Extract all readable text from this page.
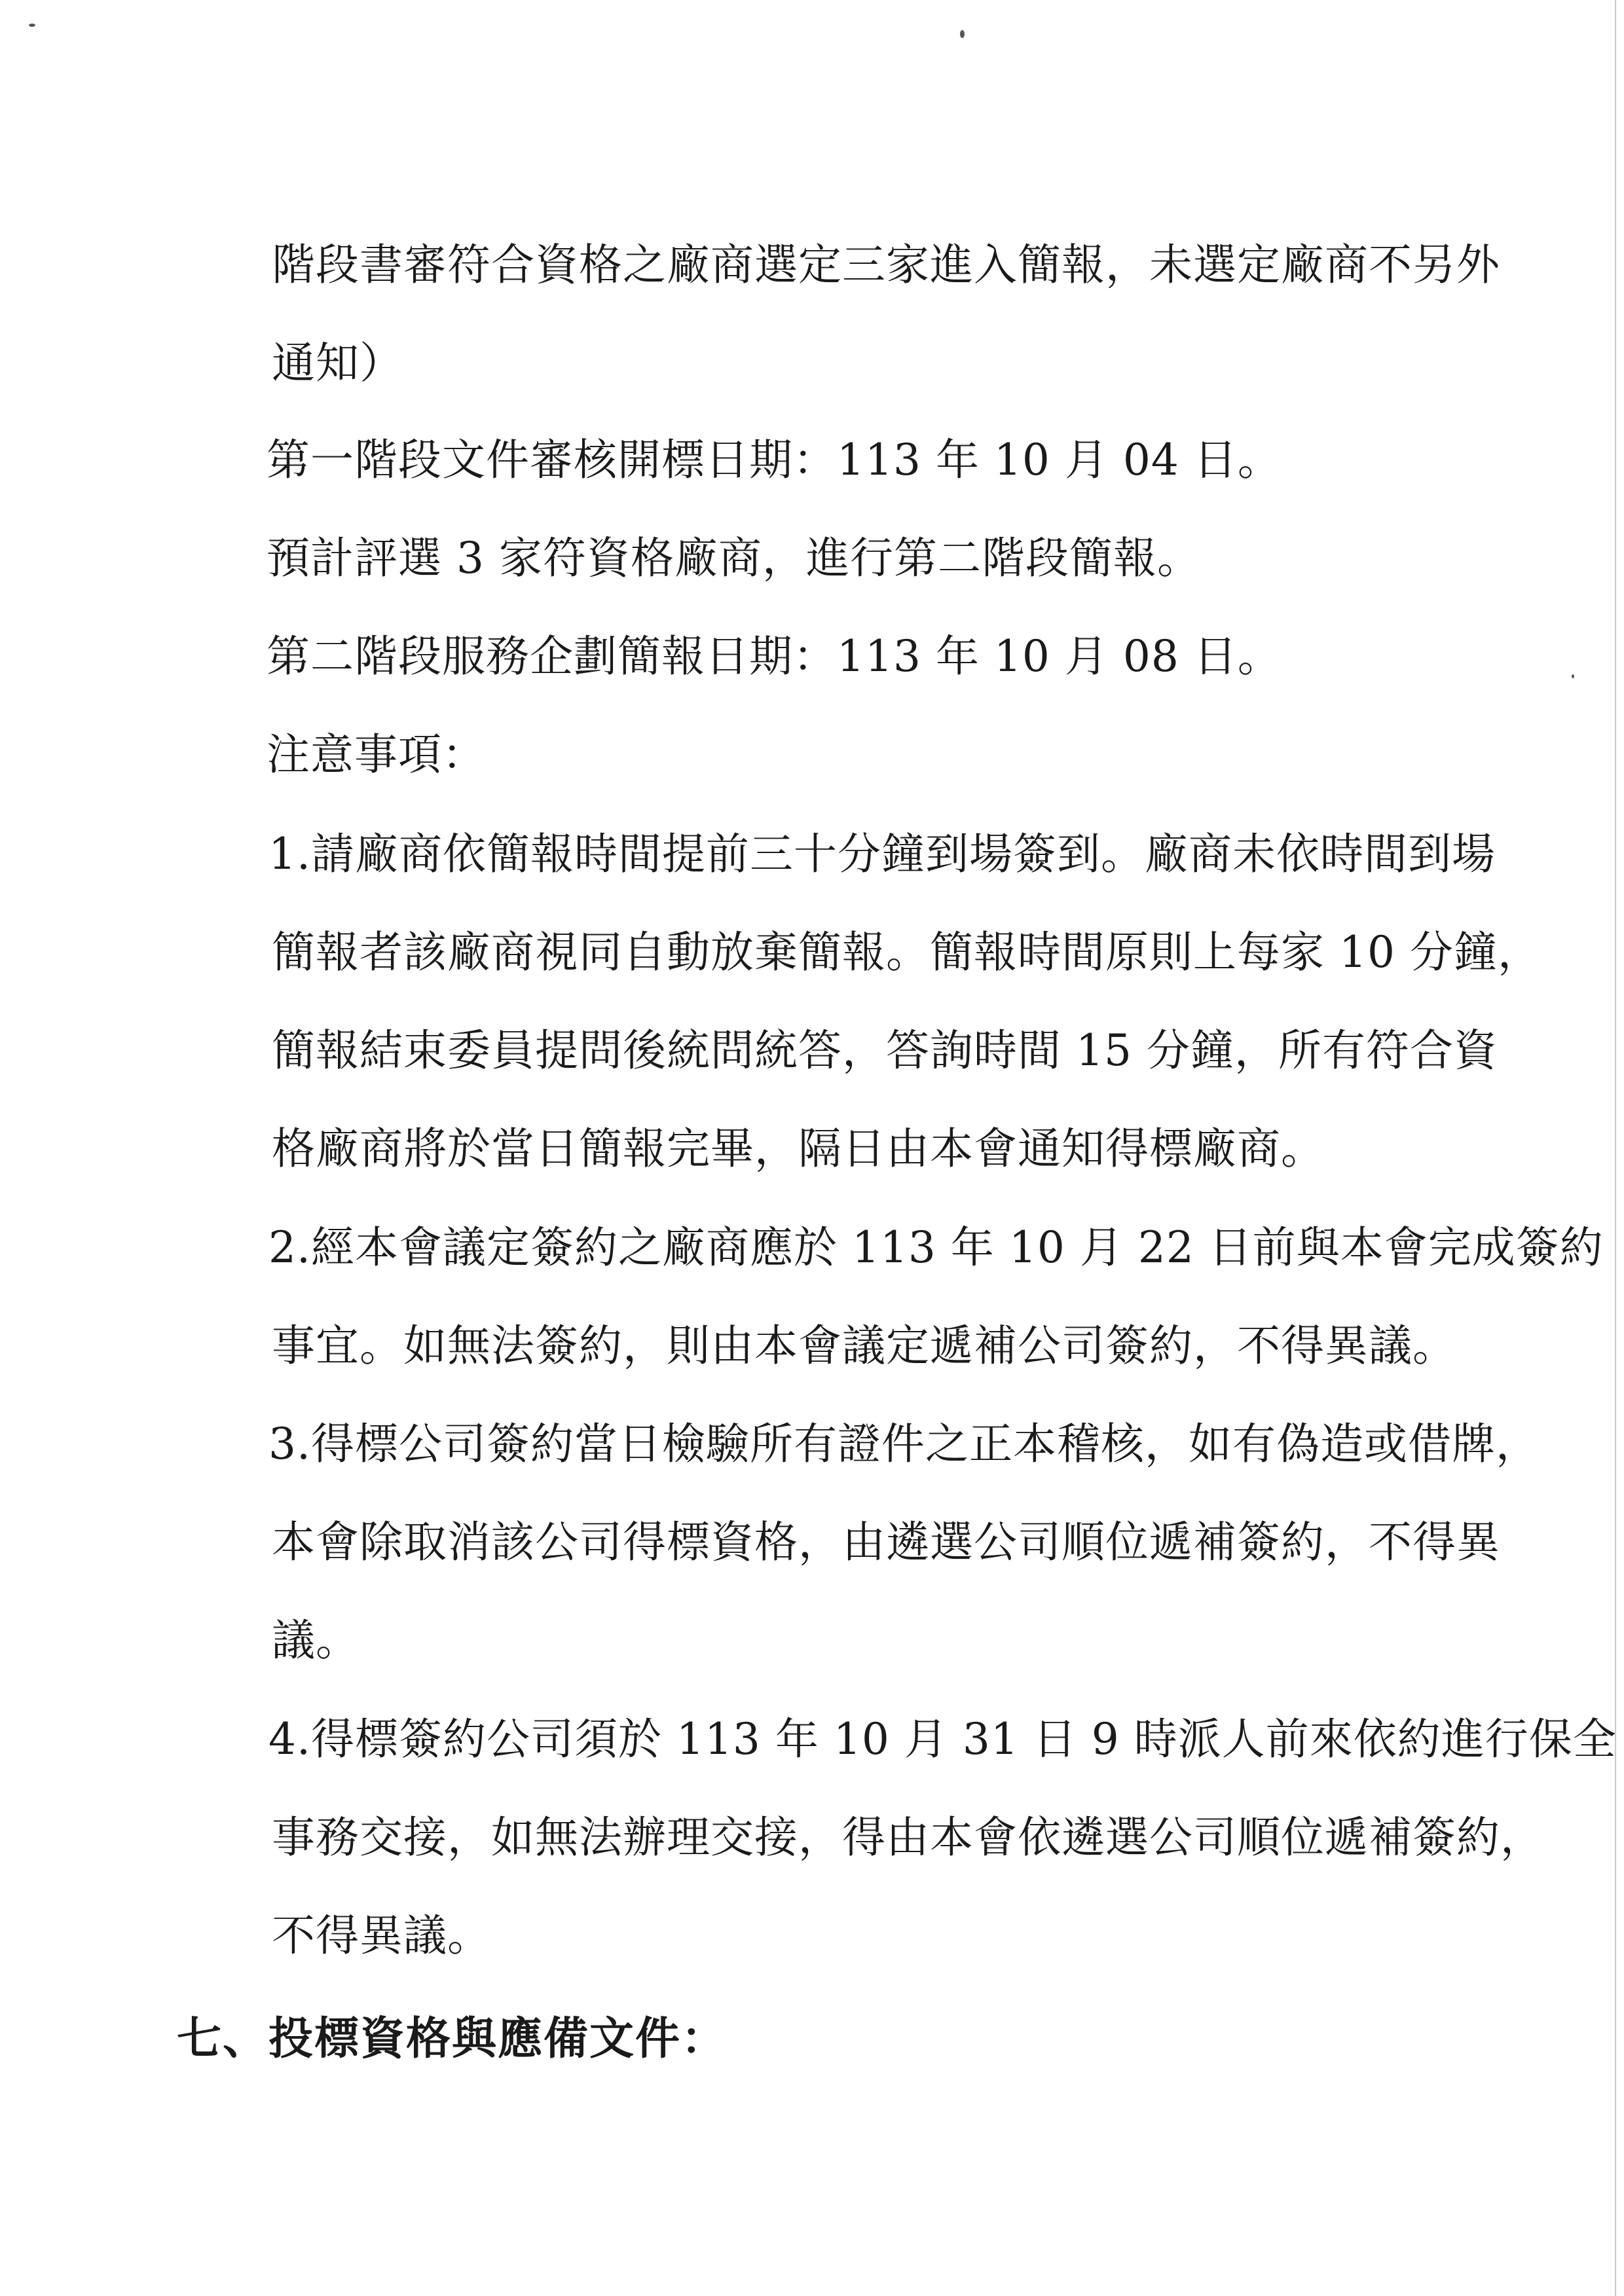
階段書審符合資格之廠商選定三家進入簡報，未選定廠商不另外
通知）
第一階段文件審核開標日期：113 年 10 月 04 日。
預計評選 3 家符資格廠商，進行第二階段簡報。
第二階段服務企劃簡報日期：113 年 10 月 08 日。
注意事項：
1.請廠商依簡報時間提前三十分鐘到場簽到。廠商未依時間到場
簡報者該廠商視同自動放棄簡報。簡報時間原則上每家 10 分鐘，
簡報結束委員提問後統問統答，答詢時間 15 分鐘，所有符合資
格廠商將於當日簡報完畢，隔日由本會通知得標廠商。
2.經本會議定簽約之廠商應於 113 年 10 月 22 日前與本會完成簽約
事宜。如無法簽約，則由本會議定遞補公司簽約，不得異議。
3.得標公司簽約當日檢驗所有證件之正本稽核，如有偽造或借牌，
本會除取消該公司得標資格，由遴選公司順位遞補簽約，不得異
議。
4.得標簽約公司須於 113 年 10 月 31 日 9 時派人前來依約進行保全
事務交接，如無法辦理交接，得由本會依遴選公司順位遞補簽約，
不得異議。
七、投標資格與應備文件：
